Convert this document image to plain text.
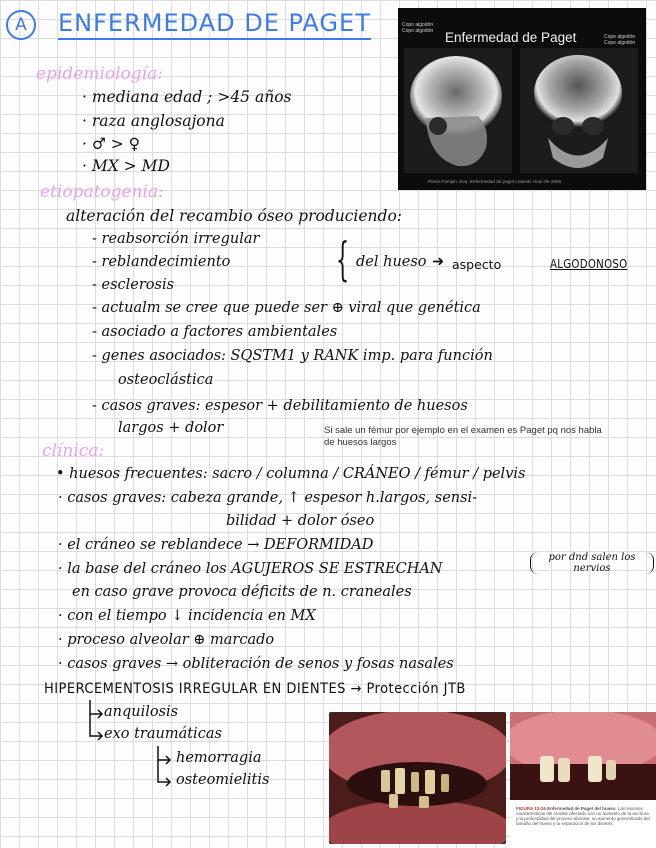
A	ENFERMEDAD DE PAGET
epidemiología:
· mediana edad ; >45 años
· raza anglosajona
· ♂ > ♀
· MX > MD
Copo algodón
Copo algodón Enfermedad de Paget	Copo algodón
Copo algodón
Pérez Pampin, Eva. Enfermedad de paget craneal. Husi sfe 2006
etiopatogenia:
alteración del recambio óseo produciendo:
- reabsorción irregular
- reblandecimiento
- esclerosis	{ del hueso ➜ aspecto	ALGODONOSO
- actualm se cree que puede ser ⊕ viral que genética
- asociado a factores ambientales
- genes asociados: SQSTM1 y RANK imp. para función
osteoclástica
- casos graves: espesor + debilitamiento de huesos
largos + dolor	Si sale un fémur por ejemplo en el examen es Paget pq nos habla de huesos largos
clínica:
• huesos frecuentes: sacro / columna / CRÁNEO / fémur / pelvis
· casos graves: cabeza grande, ↑ espesor h.largos, sensi-
bilidad + dolor óseo
· el cráneo se reblandece → DEFORMIDAD
· la base del cráneo los AGUJEROS SE ESTRECHAN
por dnd salen los nervios
en caso grave provoca déficits de n. craneales
· con el tiempo ↓ incidencia en MX
· proceso alveolar ⊕ marcado
· casos graves → obliteración de senos y fosas nasales
HIPERCEMENTOSIS IRREGULAR EN DIENTES → Protección JTB
anquilosis
exo traumáticas
hemorragia
osteomielitis
FIGURA 13-26 Enfermedad de Paget del hueso. Las lesiones características del maxilar afectado son un aumento de la anchura y la profundidad del proceso alveolar, un aumento generalizado del tamaño del hueso y la separación de los dientes.
